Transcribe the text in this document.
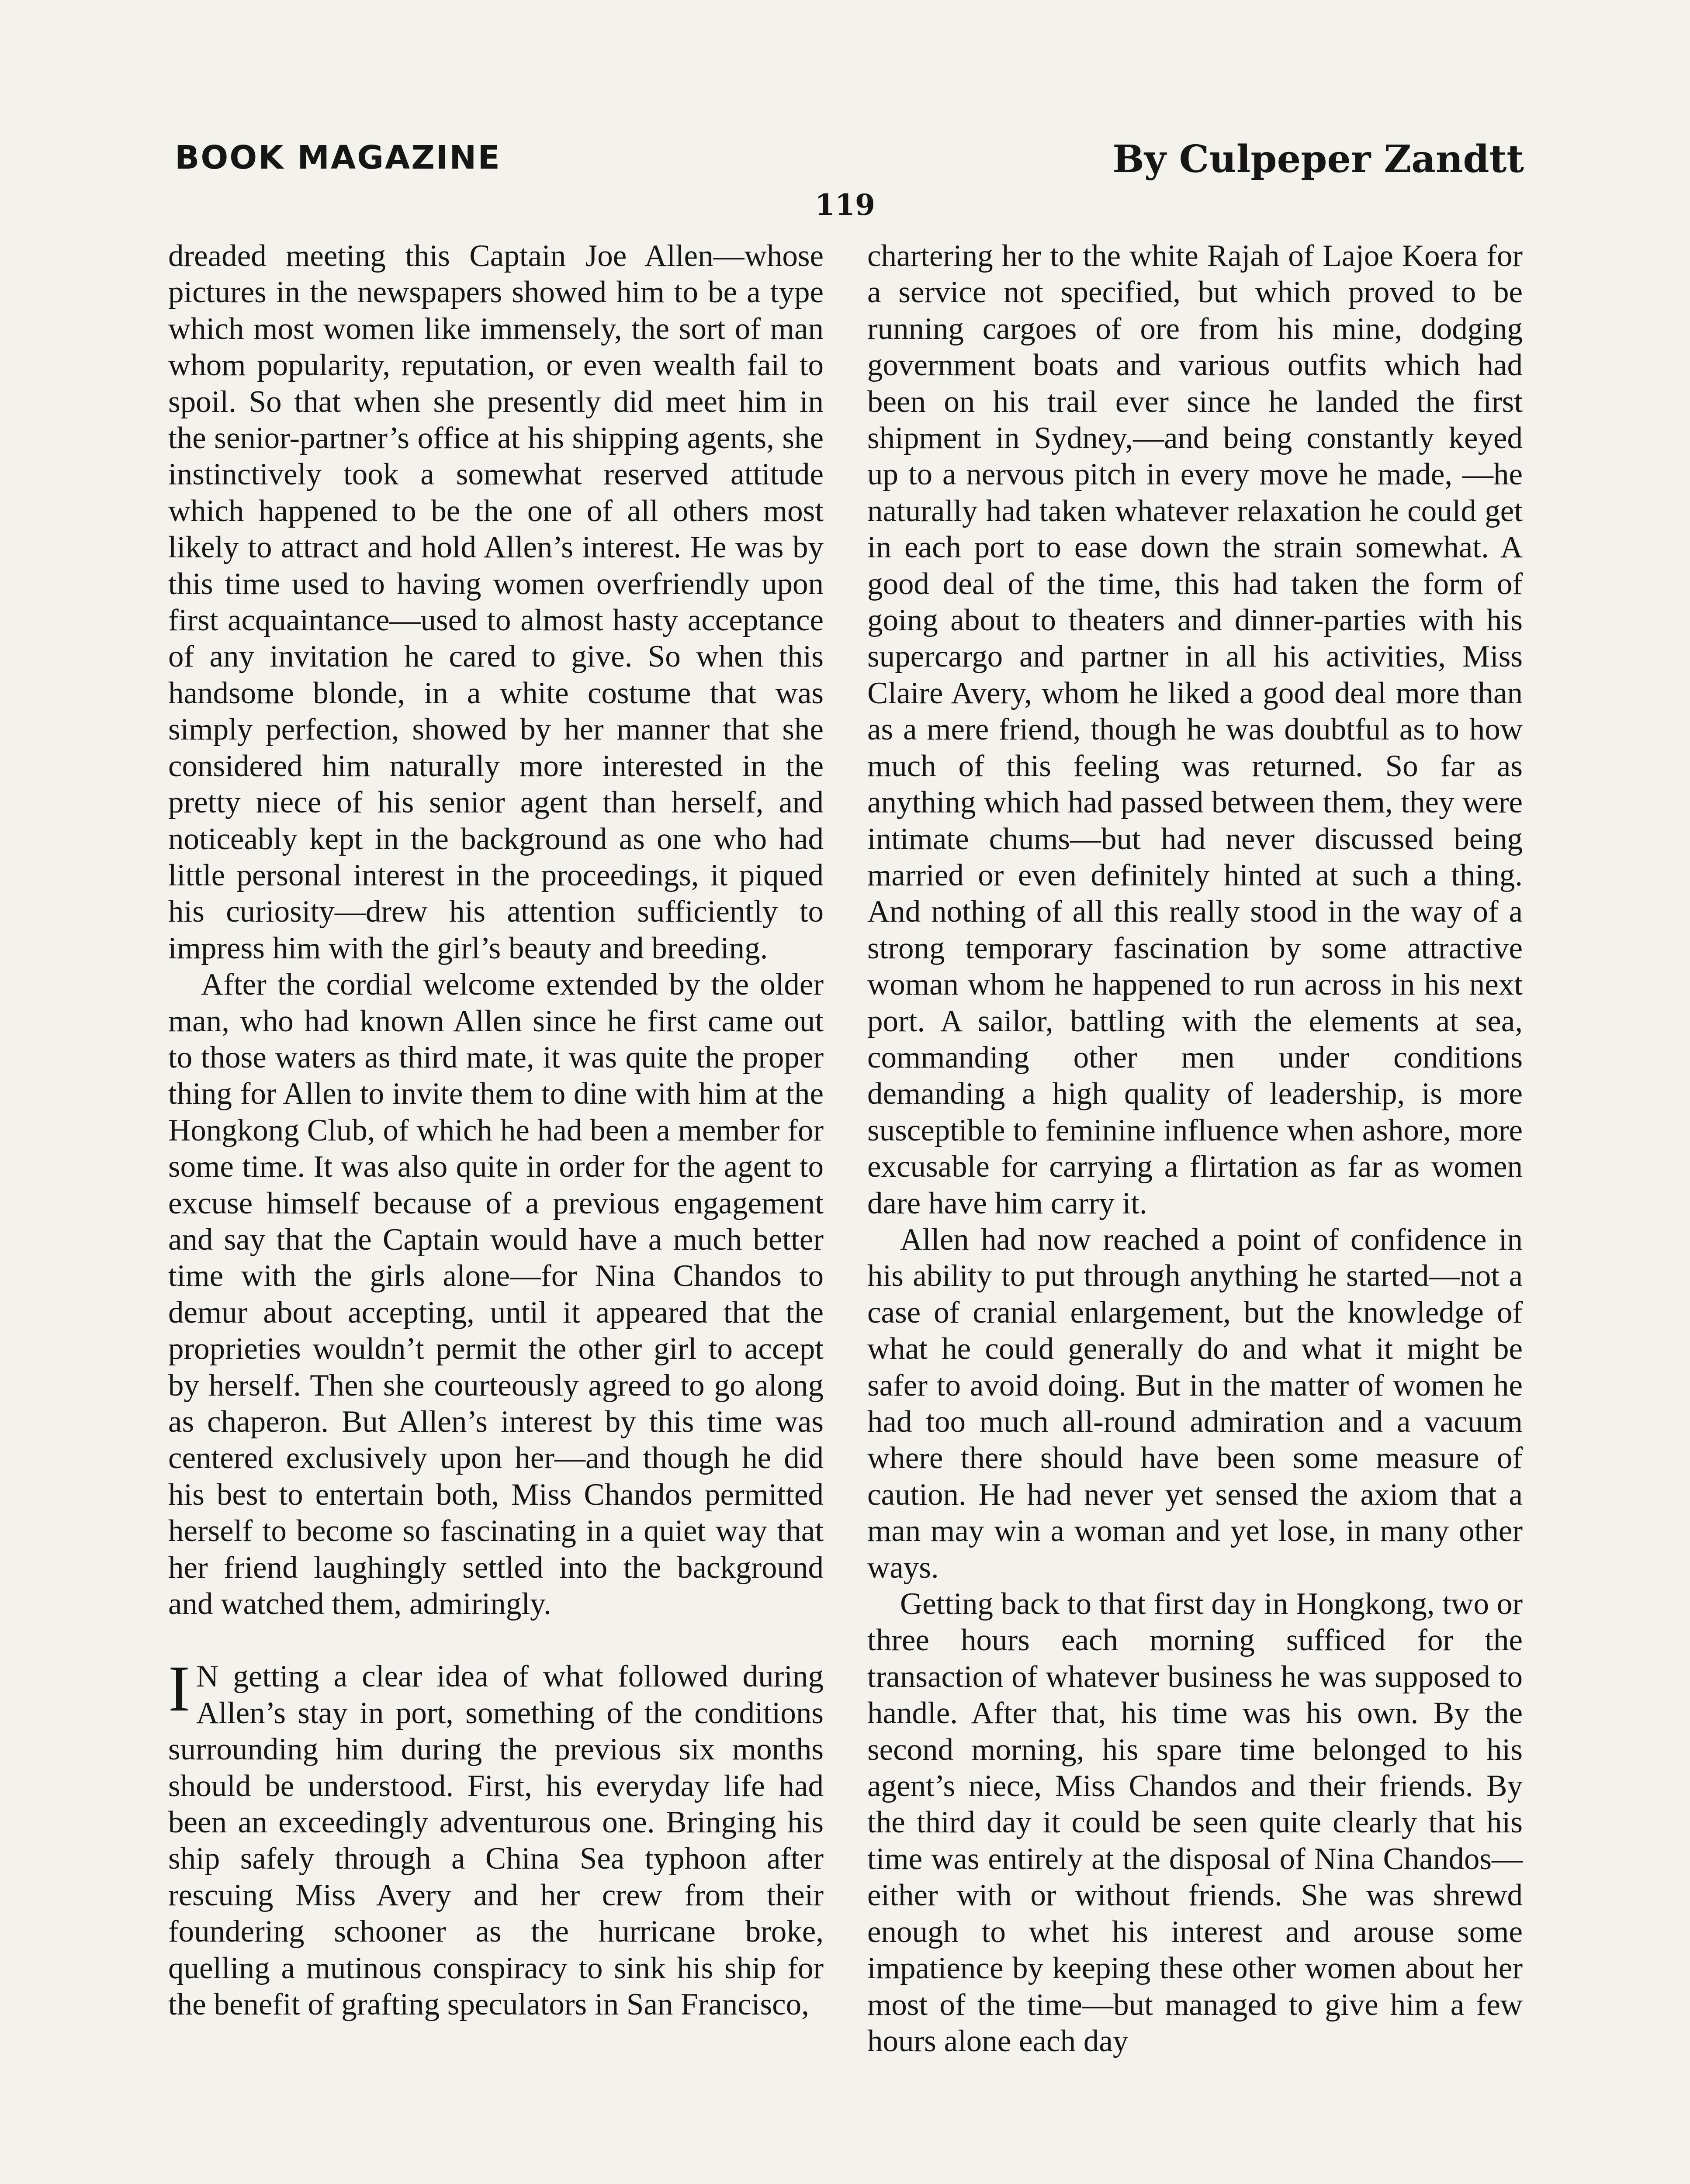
BOOK MAGAZINE	By Culpeper Zandtt
119

dreaded meeting this Captain Joe Allen—whose pictures in the newspapers showed him to be a type which most women like immensely, the sort of man whom popularity, reputation, or even wealth fail to spoil. So that when she presently did meet him in the senior-partner’s office at his shipping agents, she instinctively took a somewhat reserved attitude which happened to be the one of all others most likely to attract and hold Allen’s interest. He was by this time used to having women overfriendly upon first acquaintance—used to almost hasty acceptance of any invitation he cared to give. So when this handsome blonde, in a white costume that was simply perfection, showed by her manner that she considered him naturally more interested in the pretty niece of his senior agent than herself, and noticeably kept in the background as one who had little personal interest in the proceedings, it piqued his curiosity—drew his attention sufficiently to impress him with the girl’s beauty and breeding.

After the cordial welcome extended by the older man, who had known Allen since he first came out to those waters as third mate, it was quite the proper thing for Allen to invite them to dine with him at the Hongkong Club, of which he had been a member for some time. It was also quite in order for the agent to excuse himself because of a previous engagement and say that the Captain would have a much better time with the girls alone—for Nina Chandos to demur about accepting, until it appeared that the proprieties wouldn’t permit the other girl to accept by herself. Then she courteously agreed to go along as chaperon. But Allen’s interest by this time was centered exclusively upon her—and though he did his best to entertain both, Miss Chandos permitted herself to become so fascinating in a quiet way that her friend laughingly settled into the background and watched them, admiringly.

I N getting a clear idea of what followed during Allen’s stay in port, something of the conditions surrounding him during the previous six months should be understood. First, his everyday life had been an exceedingly adventurous one. Bringing his ship safely through a China Sea typhoon after rescuing Miss Avery and her crew from their foundering schooner as the hurricane broke, quelling a mutinous conspiracy to sink his ship for the benefit of grafting speculators in San Francisco,

chartering her to the white Rajah of Lajoe Koera for a service not specified, but which proved to be running cargoes of ore from his mine, dodging government boats and various outfits which had been on his trail ever since he landed the first shipment in Sydney,—and being constantly keyed up to a nervous pitch in every move he made, —he naturally had taken whatever relaxation he could get in each port to ease down the strain somewhat. A good deal of the time, this had taken the form of going about to theaters and dinner-parties with his supercargo and partner in all his activities, Miss Claire Avery, whom he liked a good deal more than as a mere friend, though he was doubtful as to how much of this feeling was returned. So far as anything which had passed between them, they were intimate chums—but had never discussed being married or even definitely hinted at such a thing. And nothing of all this really stood in the way of a strong temporary fascination by some attractive woman whom he happened to run across in his next port. A sailor, battling with the elements at sea, commanding other men under conditions demanding a high quality of leadership, is more susceptible to feminine influence when ashore, more excusable for carrying a flirtation as far as women dare have him carry it.

Allen had now reached a point of confidence in his ability to put through anything he started—not a case of cranial enlargement, but the knowledge of what he could generally do and what it might be safer to avoid doing. But in the matter of women he had too much all-round admiration and a vacuum where there should have been some measure of caution. He had never yet sensed the axiom that a man may win a woman and yet lose, in many other ways.

Getting back to that first day in Hongkong, two or three hours each morning sufficed for the transaction of whatever business he was supposed to handle. After that, his time was his own. By the second morning, his spare time belonged to his agent’s niece, Miss Chandos and their friends. By the third day it could be seen quite clearly that his time was entirely at the disposal of Nina Chandos—either with or without friends. She was shrewd enough to whet his interest and arouse some impatience by keeping these other women about her most of the time—but managed to give him a few hours alone each day
